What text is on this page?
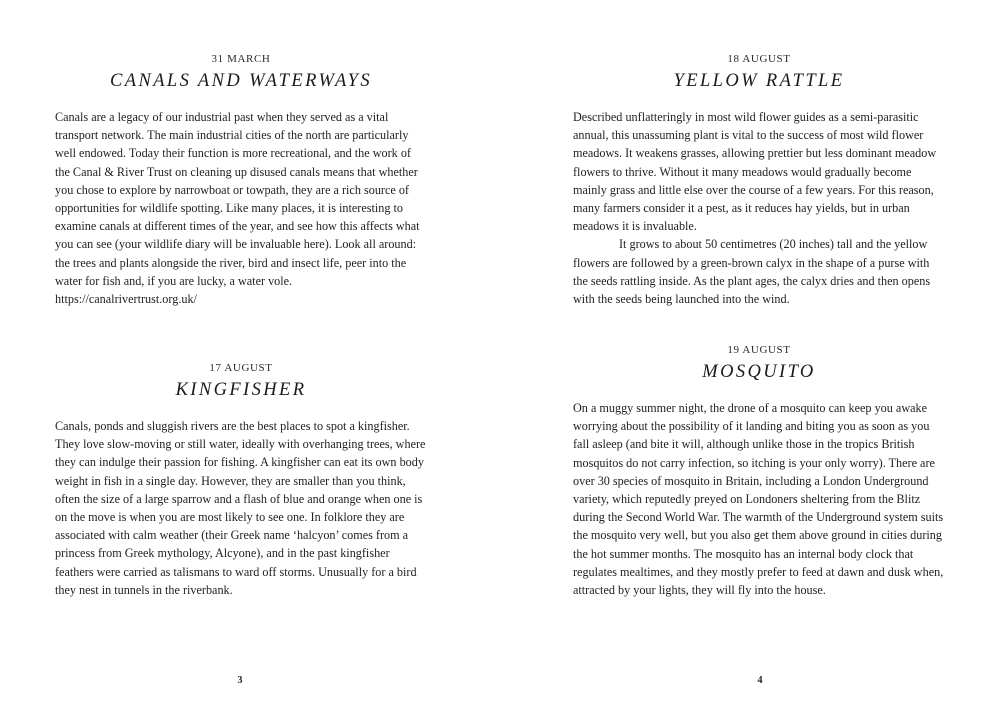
31 MARCH

CANALS AND WATERWAYS

Canals are a legacy of our industrial past when they served as a vital transport network. The main industrial cities of the north are particularly well endowed. Today their function is more recreational, and the work of the Canal & River Trust on cleaning up disused canals means that whether you chose to explore by narrowboat or towpath, they are a rich source of opportunities for wildlife spotting. Like many places, it is interesting to examine canals at different times of the year, and see how this affects what you can see (your wildlife diary will be invaluable here). Look all around: the trees and plants alongside the river, bird and insect life, peer into the water for fish and, if you are lucky, a water vole. https://canalrivertrust.org.uk/

17 AUGUST

KINGFISHER

Canals, ponds and sluggish rivers are the best places to spot a kingfisher. They love slow-moving or still water, ideally with overhanging trees, where they can indulge their passion for fishing. A kingfisher can eat its own body weight in fish in a single day. However, they are smaller than you think, often the size of a large sparrow and a flash of blue and orange when one is on the move is when you are most likely to see one. In folklore they are associated with calm weather (their Greek name ‘halcyon’ comes from a princess from Greek mythology, Alcyone), and in the past kingfisher feathers were carried as talismans to ward off storms. Unusually for a bird they nest in tunnels in the riverbank.

3

18 AUGUST

YELLOW RATTLE

Described unflatteringly in most wild flower guides as a semi-parasitic annual, this unassuming plant is vital to the success of most wild flower meadows. It weakens grasses, allowing prettier but less dominant meadow flowers to thrive. Without it many meadows would gradually become mainly grass and little else over the course of a few years. For this reason, many farmers consider it a pest, as it reduces hay yields, but in urban meadows it is invaluable.
It grows to about 50 centimetres (20 inches) tall and the yellow flowers are followed by a green-brown calyx in the shape of a purse with the seeds rattling inside. As the plant ages, the calyx dries and then opens with the seeds being launched into the wind.

19 AUGUST

MOSQUITO

On a muggy summer night, the drone of a mosquito can keep you awake worrying about the possibility of it landing and biting you as soon as you fall asleep (and bite it will, although unlike those in the tropics British mosquitos do not carry infection, so itching is your only worry). There are over 30 species of mosquito in Britain, including a London Underground variety, which reputedly preyed on Londoners sheltering from the Blitz during the Second World War. The warmth of the Underground system suits the mosquito very well, but you also get them above ground in cities during the hot summer months. The mosquito has an internal body clock that regulates mealtimes, and they mostly prefer to feed at dawn and dusk when, attracted by your lights, they will fly into the house.

4
